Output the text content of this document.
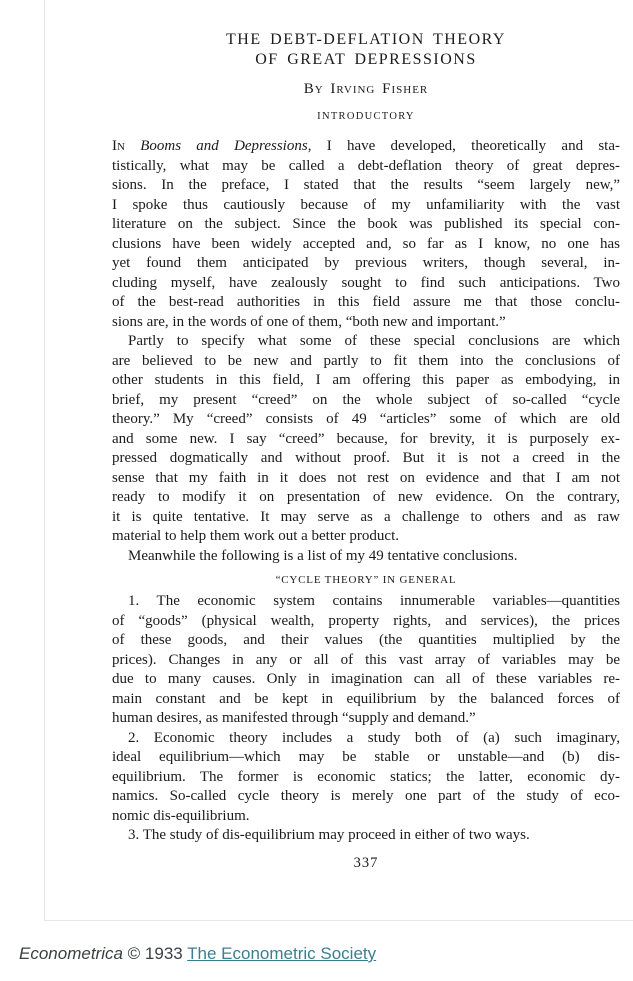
THE DEBT-DEFLATION THEORY
OF GREAT DEPRESSIONS
By Irving Fisher
INTRODUCTORY
In Booms and Depressions, I have developed, theoretically and sta-
tistically, what may be called a debt-deflation theory of great depres-
sions. In the preface, I stated that the results “seem largely new,”
I spoke thus cautiously because of my unfamiliarity with the vast
literature on the subject. Since the book was published its special con-
clusions have been widely accepted and, so far as I know, no one has
yet found them anticipated by previous writers, though several, in-
cluding myself, have zealously sought to find such anticipations. Two
of the best-read authorities in this field assure me that those conclu-
sions are, in the words of one of them, “both new and important.”
Partly to specify what some of these special conclusions are which
are believed to be new and partly to fit them into the conclusions of
other students in this field, I am offering this paper as embodying, in
brief, my present “creed” on the whole subject of so-called “cycle
theory.” My “creed” consists of 49 “articles” some of which are old
and some new. I say “creed” because, for brevity, it is purposely ex-
pressed dogmatically and without proof. But it is not a creed in the
sense that my faith in it does not rest on evidence and that I am not
ready to modify it on presentation of new evidence. On the contrary,
it is quite tentative. It may serve as a challenge to others and as raw
material to help them work out a better product.
Meanwhile the following is a list of my 49 tentative conclusions.
“CYCLE THEORY” IN GENERAL
1. The economic system contains innumerable variables—quantities
of “goods” (physical wealth, property rights, and services), the prices
of these goods, and their values (the quantities multiplied by the
prices). Changes in any or all of this vast array of variables may be
due to many causes. Only in imagination can all of these variables re-
main constant and be kept in equilibrium by the balanced forces of
human desires, as manifested through “supply and demand.”
2. Economic theory includes a study both of (a) such imaginary,
ideal equilibrium—which may be stable or unstable—and (b) dis-
equilibrium. The former is economic statics; the latter, economic dy-
namics. So-called cycle theory is merely one part of the study of eco-
nomic dis-equilibrium.
3. The study of dis-equilibrium may proceed in either of two ways.
337
Econometrica © 1933 The Econometric Society
